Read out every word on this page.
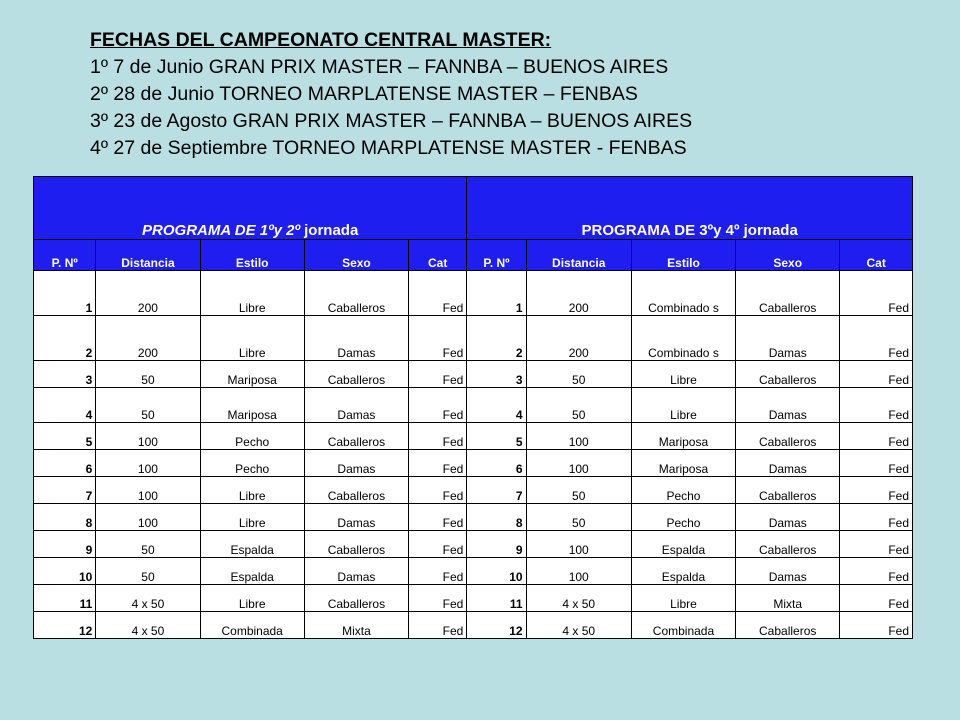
FECHAS DEL CAMPEONATO CENTRAL MASTER:
1º 7 de Junio GRAN PRIX MASTER – FANNBA – BUENOS AIRES
2º 28 de Junio TORNEO MARPLATENSE MASTER – FENBAS
3º 23 de Agosto GRAN PRIX MASTER – FANNBA – BUENOS AIRES
4º 27 de Septiembre TORNEO MARPLATENSE MASTER - FENBAS
PROGRAMA DE 1ºy 2º jornada					PROGRAMA DE 3ºy 4º jornada				
P. Nº	Distancia	Estilo	Sexo	Cat	P. Nº	Distancia	Estilo	Sexo	Cat
1	200	Libre	Caballeros	Fed	1	200	Combinado s	Caballeros	Fed
2	200	Libre	Damas	Fed	2	200	Combinado s	Damas	Fed
3	50	Mariposa	Caballeros	Fed	3	50	Libre	Caballeros	Fed
4	50	Mariposa	Damas	Fed	4	50	Libre	Damas	Fed
5	100	Pecho	Caballeros	Fed	5	100	Mariposa	Caballeros	Fed
6	100	Pecho	Damas	Fed	6	100	Mariposa	Damas	Fed
7	100	Libre	Caballeros	Fed	7	50	Pecho	Caballeros	Fed
8	100	Libre	Damas	Fed	8	50	Pecho	Damas	Fed
9	50	Espalda	Caballeros	Fed	9	100	Espalda	Caballeros	Fed
10	50	Espalda	Damas	Fed	10	100	Espalda	Damas	Fed
11	4 x 50	Libre	Caballeros	Fed	11	4 x 50	Libre	Mixta	Fed
12	4 x 50	Combinada	Mixta	Fed	12	4 x 50	Combinada	Caballeros	Fed
